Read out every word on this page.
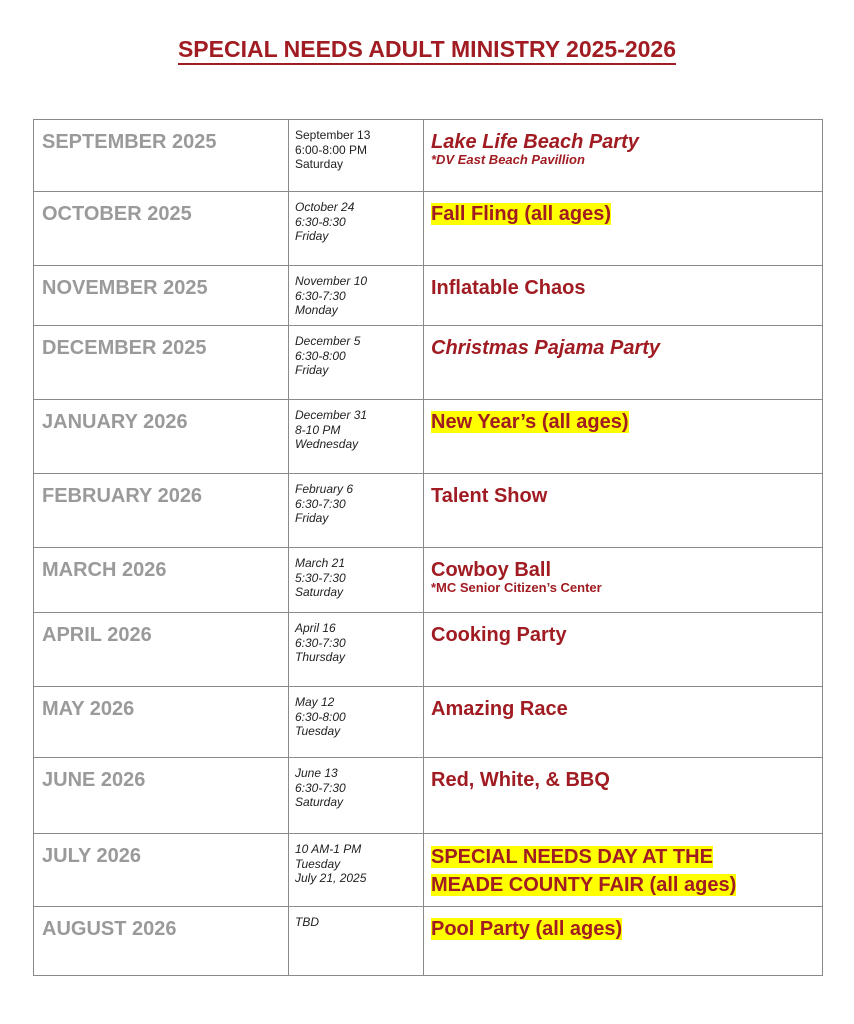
SPECIAL NEEDS ADULT MINISTRY 2025-2026
SEPTEMBER 2025	September 13
6:00-8:00 PM
Saturday	Lake Life Beach Party
*DV East Beach Pavillion

OCTOBER 2025	October 24
6:30-8:30
Friday	Fall Fling (all ages)

NOVEMBER 2025	November 10
6:30-7:30
Monday	Inflatable Chaos

DECEMBER 2025	December 5
6:30-8:00
Friday	Christmas Pajama Party

JANUARY 2026	December 31
8-10 PM
Wednesday	New Year’s (all ages)

FEBRUARY 2026	February 6
6:30-7:30
Friday	Talent Show

MARCH 2026	March 21
5:30-7:30
Saturday	Cowboy Ball
*MC Senior Citizen’s Center

APRIL 2026	April 16
6:30-7:30
Thursday	Cooking Party

MAY 2026	May 12
6:30-8:00
Tuesday	Amazing Race

JUNE 2026	June 13
6:30-7:30
Saturday	Red, White, & BBQ

JULY 2026	10 AM-1 PM
Tuesday
July 21, 2025	SPECIAL NEEDS DAY AT THE MEADE COUNTY FAIR (all ages)

AUGUST 2026	TBD	Pool Party (all ages)
